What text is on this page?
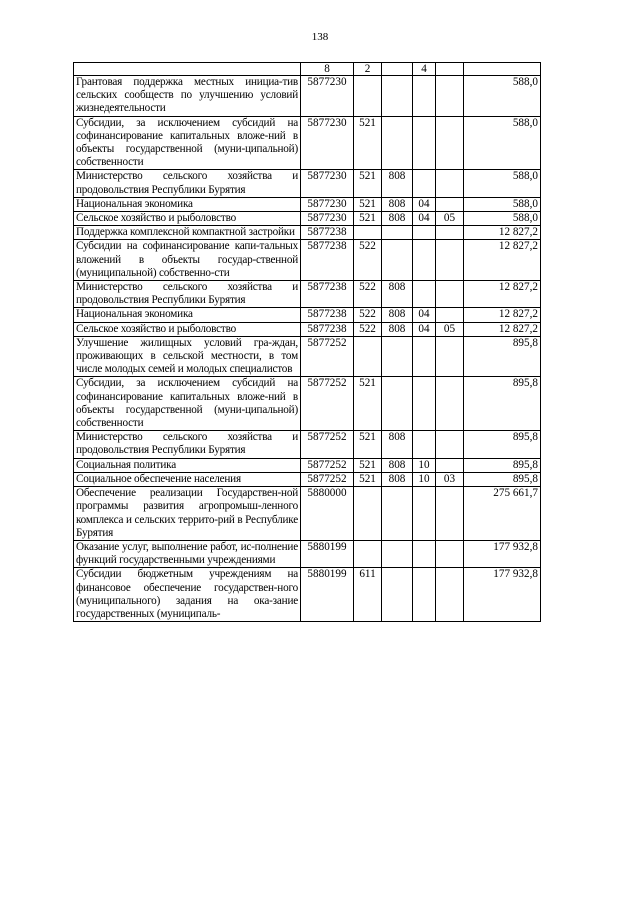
138
	8	2		4		
Грантовая поддержка местных инициа-тив сельских сообществ по улучшению условий жизнедеятельности	5877230					588,0
Субсидии, за исключением субсидий на софинансирование капитальных вложе-ний в объекты государственной (муни-ципальной) собственности	5877230	521				588,0
Министерство сельского хозяйства и продовольствия Республики Бурятия	5877230	521	808			588,0
Национальная экономика	5877230	521	808	04		588,0
Сельское хозяйство и рыболовство	5877230	521	808	04	05	588,0
Поддержка комплексной компактной застройки	5877238					12 827,2
Субсидии на софинансирование капи-тальных вложений в объекты государ-ственной (муниципальной) собственно-сти	5877238	522				12 827,2
Министерство сельского хозяйства и продовольствия Республики Бурятия	5877238	522	808			12 827,2
Национальная экономика	5877238	522	808	04		12 827,2
Сельское хозяйство и рыболовство	5877238	522	808	04	05	12 827,2
Улучшение жилищных условий гра-ждан, проживающих в сельской местности, в том числе молодых семей и молодых специалистов	5877252					895,8
Субсидии, за исключением субсидий на софинансирование капитальных вложе-ний в объекты государственной (муни-ципальной) собственности	5877252	521				895,8
Министерство сельского хозяйства и продовольствия Республики Бурятия	5877252	521	808			895,8
Социальная политика	5877252	521	808	10		895,8
Социальное обеспечение населения	5877252	521	808	10	03	895,8
Обеспечение реализации Государствен-ной программы развития агропромыш-ленного комплекса и сельских террито-рий в Республике Бурятия	5880000					275 661,7
Оказание услуг, выполнение работ, ис-полнение функций государственными учреждениями	5880199					177 932,8
Субсидии бюджетным учреждениям на финансовое обеспечение государствен-ного (муниципального) задания на ока-зание государственных (муниципаль-	5880199	611				177 932,8
